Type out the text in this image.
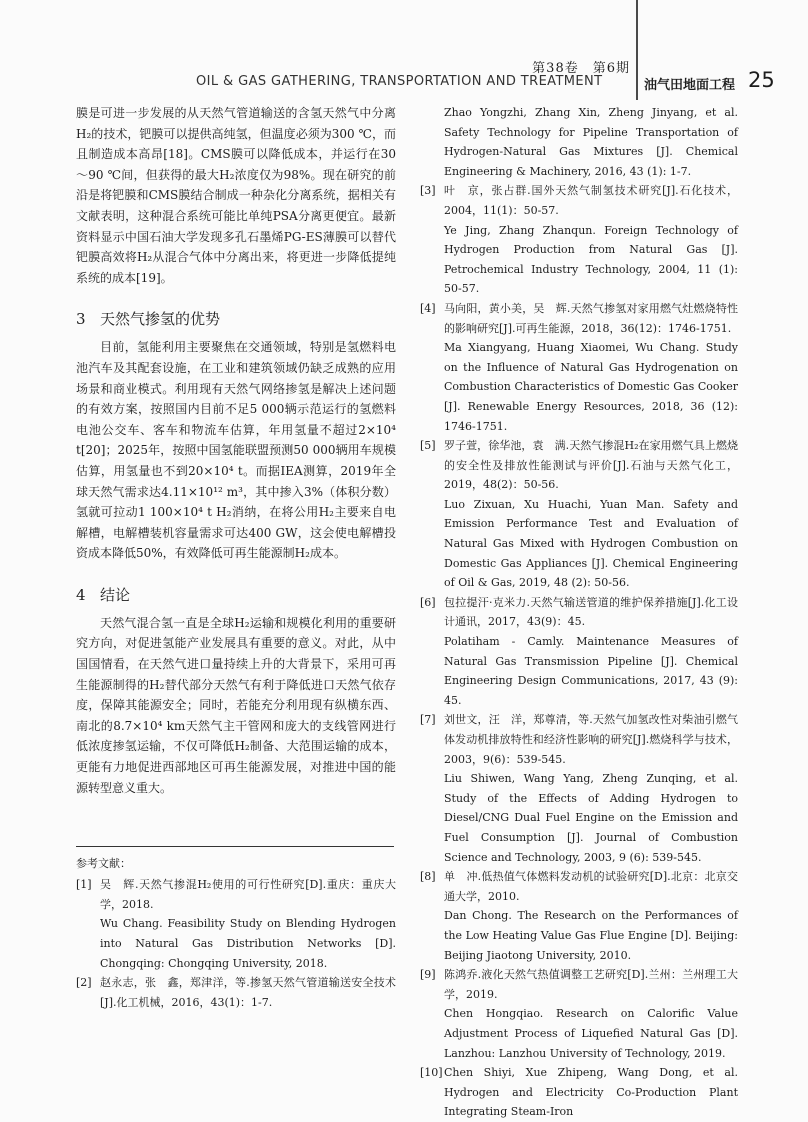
第38卷　第6期
OIL & GAS GATHERING, TRANSPORTATION AND TREATMENT	油气田地面工程 25

膜是可进一步发展的从天然气管道输送的含氢天然气中分离H₂的技术，钯膜可以提供高纯氢，但温度必须为300 ℃，而且制造成本高昂[18]。CMS膜可以降低成本，并运行在30～90 ℃间，但获得的最大H₂浓度仅为98%。现在研究的前沿是将钯膜和CMS膜结合制成一种杂化分离系统，据相关有文献表明，这种混合系统可能比单纯PSA分离更便宜。最新资料显示中国石油大学发现多孔石墨烯PG-ES薄膜可以替代钯膜高效将H₂从混合气体中分离出来，将更进一步降低提纯系统的成本[19]。

3 天然气掺氢的优势

目前，氢能利用主要聚焦在交通领域，特别是氢燃料电池汽车及其配套设施，在工业和建筑领域仍缺乏成熟的应用场景和商业模式。利用现有天然气网络掺氢是解决上述问题的有效方案，按照国内目前不足5 000辆示范运行的氢燃料电池公交车、客车和物流车估算，年用氢量不超过2×10⁴ t[20]；2025年，按照中国氢能联盟预测50 000辆用车规模估算，用氢量也不到20×10⁴ t。而据IEA测算，2019年全球天然气需求达4.11×10¹² m³，其中掺入3%（体积分数）氢就可拉动1 100×10⁴ t H₂消纳，在将公用H₂主要来自电解槽，电解槽装机容量需求可达400 GW，这会使电解槽投资成本降低50%，有效降低可再生能源制H₂成本。

4 结论

天然气混合氢一直是全球H₂运输和规模化利用的重要研究方向，对促进氢能产业发展具有重要的意义。对此，从中国国情看，在天然气进口量持续上升的大背景下，采用可再生能源制得的H₂替代部分天然气有利于降低进口天然气依存度，保障其能源安全；同时，若能充分利用现有纵横东西、南北的8.7×10⁴ km天然气主干管网和庞大的支线管网进行低浓度掺氢运输，不仅可降低H₂制备、大范围运输的成本，更能有力地促进西部地区可再生能源发展，对推进中国的能源转型意义重大。

参考文献：
[1] 吴　辉.天然气掺混H₂使用的可行性研究[D].重庆：重庆大学，2018.
Wu Chang. Feasibility Study on Blending Hydrogen into Natural Gas Distribution Networks [D]. Chongqing: Chongqing University, 2018.
[2] 赵永志，张　鑫，郑津洋，等.掺氢天然气管道输送安全技术[J].化工机械，2016，43(1)：1-7.
Zhao Yongzhi, Zhang Xin, Zheng Jinyang, et al. Safety Technology for Pipeline Transportation of Hydrogen-Natural Gas Mixtures [J]. Chemical Engineering & Machinery, 2016, 43 (1): 1-7.
[3] 叶　京，张占群.国外天然气制氢技术研究[J].石化技术，2004，11(1)：50-57.
Ye Jing, Zhang Zhanqun. Foreign Technology of Hydrogen Production from Natural Gas [J]. Petrochemical Industry Technology, 2004, 11 (1): 50-57.
[4] 马向阳，黄小美，吴　辉.天然气掺氢对家用燃气灶燃烧特性的影响研究[J].可再生能源，2018，36(12)：1746-1751.
Ma Xiangyang, Huang Xiaomei, Wu Chang. Study on the Influence of Natural Gas Hydrogenation on Combustion Characteristics of Domestic Gas Cooker [J]. Renewable Energy Resources, 2018, 36 (12): 1746-1751.
[5] 罗子萱，徐华池，袁　满.天然气掺混H₂在家用燃气具上燃烧的安全性及排放性能测试与评价[J].石油与天然气化工，2019，48(2)：50-56.
Luo Zixuan, Xu Huachi, Yuan Man. Safety and Emission Performance Test and Evaluation of Natural Gas Mixed with Hydrogen Combustion on Domestic Gas Appliances [J]. Chemical Engineering of Oil & Gas, 2019, 48 (2): 50-56.
[6] 包拉提汗·克米力.天然气输送管道的维护保养措施[J].化工设计通讯，2017，43(9)：45.
Polatiham - Camly. Maintenance Measures of Natural Gas Transmission Pipeline [J]. Chemical Engineering Design Communications, 2017, 43 (9): 45.
[7] 刘世文，汪　洋，郑尊清，等.天然气加氢改性对柴油引燃气体发动机排放特性和经济性影响的研究[J].燃烧科学与技术，2003，9(6)：539-545.
Liu Shiwen, Wang Yang, Zheng Zunqing, et al. Study of the Effects of Adding Hydrogen to Diesel/CNG Dual Fuel Engine on the Emission and Fuel Consumption [J]. Journal of Combustion Science and Technology, 2003, 9 (6): 539-545.
[8] 单　冲.低热值气体燃料发动机的试验研究[D].北京：北京交通大学，2010.
Dan Chong. The Research on the Performances of the Low Heating Value Gas Flue Engine [D]. Beijing: Beijing Jiaotong University, 2010.
[9] 陈鸿乔.液化天然气热值调整工艺研究[D].兰州：兰州理工大学，2019.
Chen Hongqiao. Research on Calorific Value Adjustment Process of Liquefied Natural Gas [D]. Lanzhou: Lanzhou University of Technology, 2019.
[10] Chen Shiyi, Xue Zhipeng, Wang Dong, et al. Hydrogen and Electricity Co-Production Plant Integrating Steam-Iron
